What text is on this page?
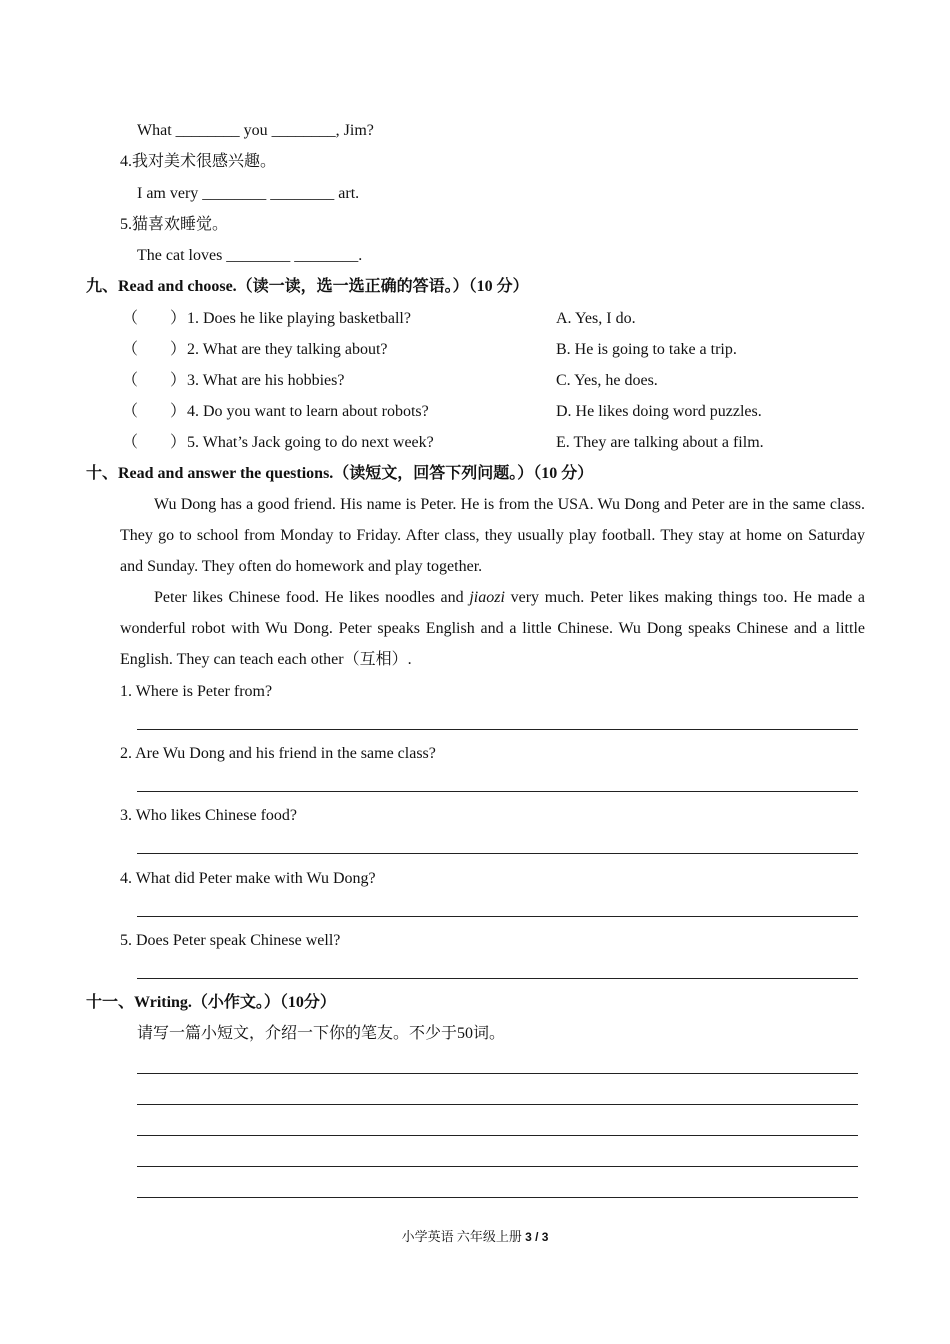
What ________ you ________, Jim?
4.我对美术很感兴趣。
I am very ________ ________ art.
5.猫喜欢睡觉。
The cat loves ________ ________.
九、Read and choose.（读一读，选一选正确的答语。）（10 分）
（　　） 1. Does he like playing basketball?	A. Yes, I do.
（　　） 2. What are they talking about?	B. He is going to take a trip.
（　　） 3. What are his hobbies?	C. Yes, he does.
（　　） 4. Do you want to learn about robots?	D. He likes doing word puzzles.
（　　） 5. What’s Jack going to do next week?	E. They are talking about a film.
十、Read and answer the questions.（读短文，回答下列问题。）（10 分）
Wu Dong has a good friend. His name is Peter. He is from the USA. Wu Dong and Peter are in the same class. They go to school from Monday to Friday. After class, they usually play football. They stay at home on Saturday and Sunday. They often do homework and play together.
Peter likes Chinese food. He likes noodles and jiaozi very much. Peter likes making things too. He made a wonderful robot with Wu Dong. Peter speaks English and a little Chinese. Wu Dong speaks Chinese and a little English. They can teach each other（互相）.
1. Where is Peter from?
2. Are Wu Dong and his friend in the same class?
3. Who likes Chinese food?
4. What did Peter make with Wu Dong?
5. Does Peter speak Chinese well?
十一、Writing.（小作文。）（10分）
请写一篇小短文，介绍一下你的笔友。不少于50词。
小学英语 六年级上册 3 / 3
